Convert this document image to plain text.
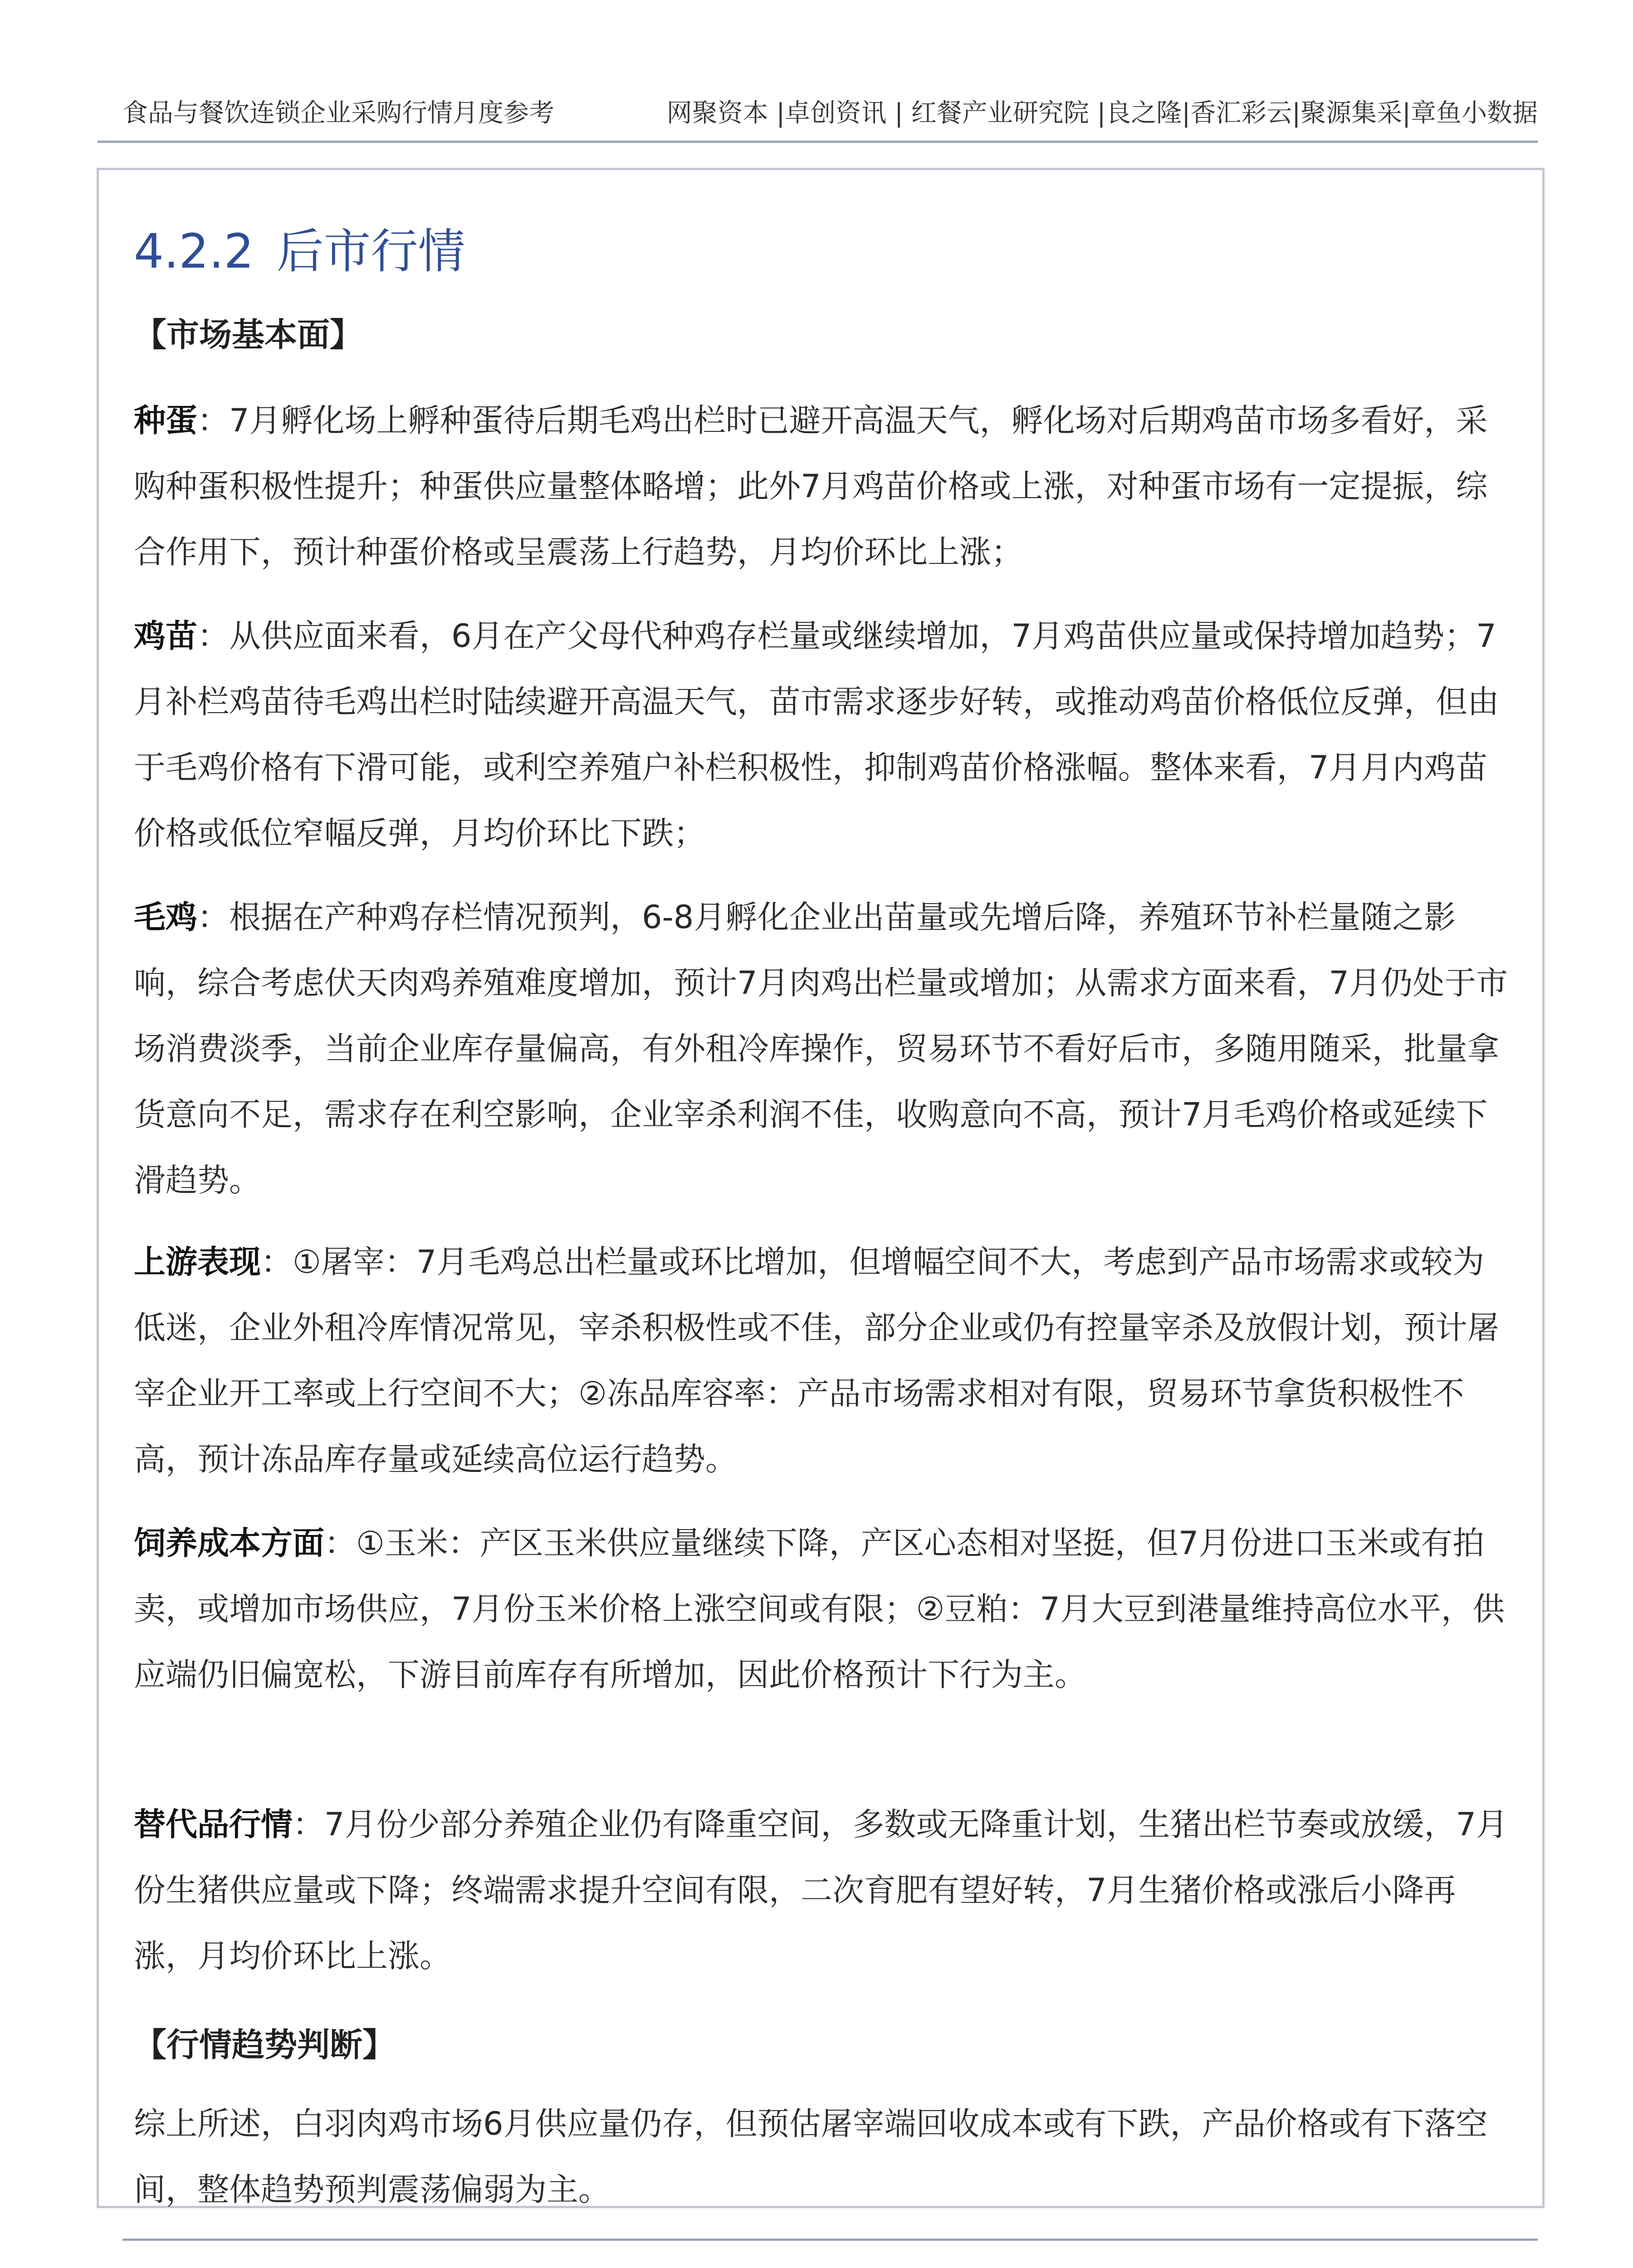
食品与餐饮连锁企业采购行情月度参考	网聚资本 |卓创资讯 | 红餐产业研究院 |良之隆|香汇彩云|聚源集采|章鱼小数据
4.2.2 后市行情
【市场基本面】
种蛋：7月孵化场上孵种蛋待后期毛鸡出栏时已避开高温天气，孵化场对后期鸡苗市场多看好，采购种蛋积极性提升；种蛋供应量整体略增；此外7月鸡苗价格或上涨，对种蛋市场有一定提振，综合作用下，预计种蛋价格或呈震荡上行趋势，月均价环比上涨；
鸡苗：从供应面来看，6月在产父母代种鸡存栏量或继续增加，7月鸡苗供应量或保持增加趋势；7月补栏鸡苗待毛鸡出栏时陆续避开高温天气，苗市需求逐步好转，或推动鸡苗价格低位反弹，但由于毛鸡价格有下滑可能，或利空养殖户补栏积极性，抑制鸡苗价格涨幅。整体来看，7月月内鸡苗价格或低位窄幅反弹，月均价环比下跌；
毛鸡：根据在产种鸡存栏情况预判，6-8月孵化企业出苗量或先增后降，养殖环节补栏量随之影响，综合考虑伏天肉鸡养殖难度增加，预计7月肉鸡出栏量或增加；从需求方面来看，7月仍处于市场消费淡季，当前企业库存量偏高，有外租冷库操作，贸易环节不看好后市，多随用随采，批量拿货意向不足，需求存在利空影响，企业宰杀利润不佳，收购意向不高，预计7月毛鸡价格或延续下滑趋势。
上游表现：①屠宰：7月毛鸡总出栏量或环比增加，但增幅空间不大，考虑到产品市场需求或较为低迷，企业外租冷库情况常见，宰杀积极性或不佳，部分企业或仍有控量宰杀及放假计划，预计屠宰企业开工率或上行空间不大；②冻品库容率：产品市场需求相对有限，贸易环节拿货积极性不高，预计冻品库存量或延续高位运行趋势。
饲养成本方面：①玉米：产区玉米供应量继续下降，产区心态相对坚挺，但7月份进口玉米或有拍卖，或增加市场供应，7月份玉米价格上涨空间或有限；②豆粕：7月大豆到港量维持高位水平，供应端仍旧偏宽松，下游目前库存有所增加，因此价格预计下行为主。
替代品行情：7月份少部分养殖企业仍有降重空间，多数或无降重计划，生猪出栏节奏或放缓，7月份生猪供应量或下降；终端需求提升空间有限，二次育肥有望好转，7月生猪价格或涨后小降再涨，月均价环比上涨。
【行情趋势判断】
综上所述，白羽肉鸡市场6月供应量仍存，但预估屠宰端回收成本或有下跌，产品价格或有下落空间，整体趋势预判震荡偏弱为主。
